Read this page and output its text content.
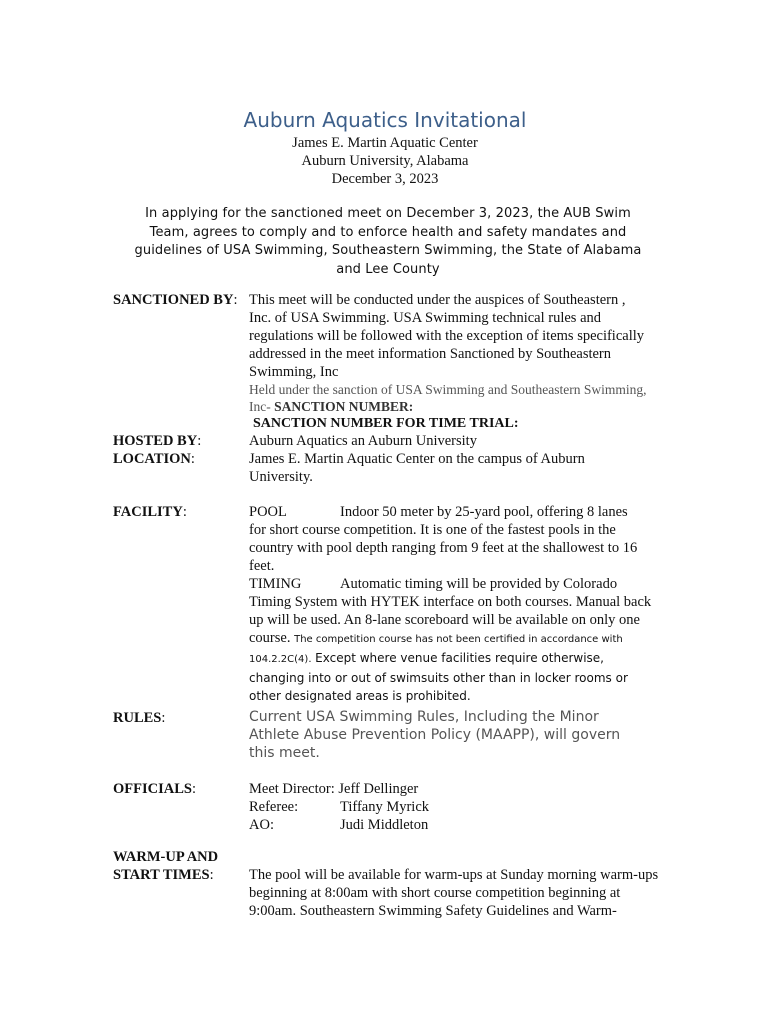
Auburn Aquatics Invitational
James E. Martin Aquatic Center
Auburn University, Alabama
December 3, 2023
In applying for the sanctioned meet on December 3, 2023, the AUB Swim Team, agrees to comply and to enforce health and safety mandates and guidelines of USA Swimming, Southeastern Swimming, the State of Alabama and Lee County
SANCTIONED BY: This meet will be conducted under the auspices of Southeastern , Inc. of USA Swimming. USA Swimming technical rules and regulations will be followed with the exception of items specifically addressed in the meet information Sanctioned by Southeastern Swimming, Inc
Held under the sanction of USA Swimming and Southeastern Swimming, Inc- SANCTION NUMBER:
SANCTION NUMBER FOR TIME TRIAL:
HOSTED BY:	Auburn Aquatics an Auburn University
LOCATION:	James E. Martin Aquatic Center on the campus of Auburn University.
FACILITY:	POOL	Indoor 50 meter by 25-yard pool, offering 8 lanes
for short course competition. It is one of the fastest pools in the country with pool depth ranging from 9 feet at the shallowest to 16 feet.
TIMING	Automatic timing will be provided by Colorado
Timing System with HYTEK interface on both courses. Manual back up will be used. An 8-lane scoreboard will be available on only one course. The competition course has not been certified in accordance with 104.2.2C(4). Except where venue facilities require otherwise, changing into or out of swimsuits other than in locker rooms or other designated areas is prohibited.
RULES:	Current USA Swimming Rules, Including the Minor Athlete Abuse Prevention Policy (MAAPP), will govern this meet.
OFFICIALS:	Meet Director: Jeff Dellinger
Referee:	Tiffany Myrick
AO:	Judi Middleton
WARM-UP AND
START TIMES:	The pool will be available for warm-ups at Sunday morning warm-ups beginning at 8:00am with short course competition beginning at 9:00am. Southeastern Swimming Safety Guidelines and Warm-
